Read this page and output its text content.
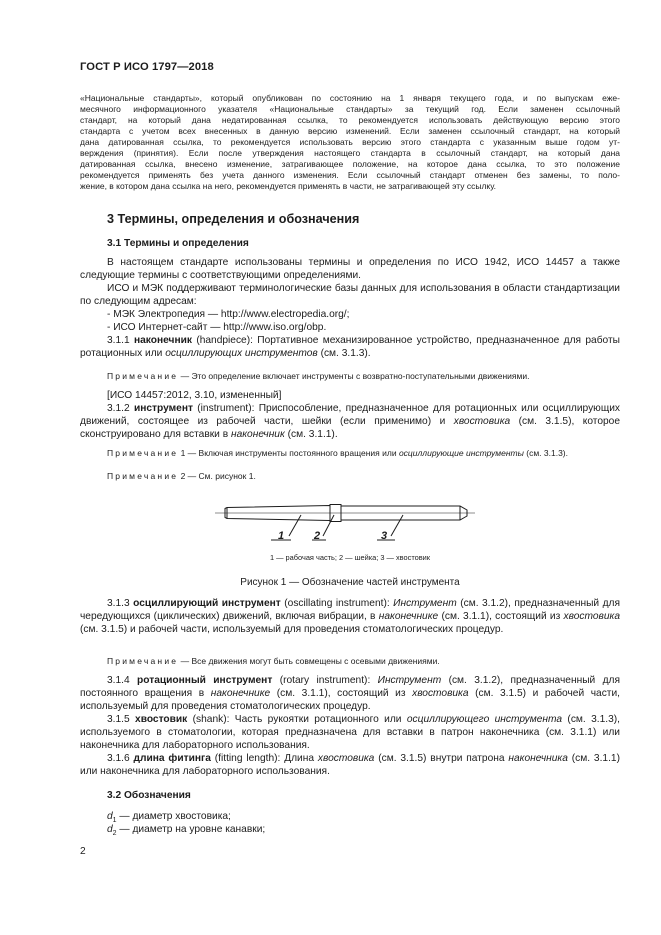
ГОСТ Р ИСО 1797—2018

«Национальные стандарты», который опубликован по состоянию на 1 января текущего года, и по выпускам еже-

месячного информационного указателя «Национальные стандарты» за текущий год. Если заменен ссылочный

стандарт, на который дана недатированная ссылка, то рекомендуется использовать действующую версию этого

стандарта с учетом всех внесенных в данную версию изменений. Если заменен ссылочный стандарт, на который

дана датированная ссылка, то рекомендуется использовать версию этого стандарта с указанным выше годом ут-

верждения (принятия). Если после утверждения настоящего стандарта в ссылочный стандарт, на который дана

датированная ссылка, внесено изменение, затрагивающее положение, на которое дана ссылка, то это положение

рекомендуется применять без учета данного изменения. Если ссылочный стандарт отменен без замены, то поло-

жение, в котором дана ссылка на него, рекомендуется применять в части, не затрагивающей эту ссылку.

3 Термины, определения и обозначения
3.1 Термины и определения

В настоящем стандарте использованы термины и определения по ИСО 1942, ИСО 14457 а также следующие термины с соответствующими определениями.

ИСО и МЭК поддерживают терминологические базы данных для использования в области стандартизации по следующим адресам:

- МЭК Электропедия — http://www.electropedia.org/;

- ИСО Интернет-сайт — http://www.iso.org/obp.

3.1.1 наконечник (handpiece): Портативное механизированное устройство, предназначенное для работы ротационных или осциллирующих инструментов (см. 3.1.3).

Примечание — Это определение включает инструменты с возвратно-поступательными движениями.

[ИСО 14457:2012, 3.10, измененный]

3.1.2 инструмент (instrument): Приспособление, предназначенное для ротационных или осциллирующих движений, состоящее из рабочей части, шейки (если применимо) и хвостовика (см. 3.1.5), которое сконструировано для вставки в наконечник (см. 3.1.1).

Примечание 1 — Включая инструменты постоянного вращения или осциллирующие инструменты (см. 3.1.3).

Примечание 2 — См. рисунок 1.

1	2	3
1 — рабочая часть; 2 — шейка; 3 — хвостовик
Рисунок 1 — Обозначение частей инструмента

3.1.3 осциллирующий инструмент (oscillating instrument): Инструмент (см. 3.1.2), предназначенный для чередующихся (циклических) движений, включая вибрации, в наконечнике (см. 3.1.1), состоящий из хвостовика (см. 3.1.5) и рабочей части, используемый для проведения стоматологических процедур.

Примечание — Все движения могут быть совмещены с осевыми движениями.

3.1.4 ротационный инструмент (rotary instrument): Инструмент (см. 3.1.2), предназначенный для постоянного вращения в наконечнике (см. 3.1.1), состоящий из хвостовика (см. 3.1.5) и рабочей части, используемый для проведения стоматологических процедур.

3.1.5 хвостовик (shank): Часть рукоятки ротационного или осциллирующего инструмента (см. 3.1.3), используемого в стоматологии, которая предназначена для вставки в патрон наконечника (см. 3.1.1) или наконечника для лабораторного использования.

3.1.6 длина фитинга (fitting length): Длина хвостовика (см. 3.1.5) внутри патрона наконечника (см. 3.1.1) или наконечника для лабораторного использования.

3.2 Обозначения
$d_1$ — диаметр хвостовика;
$d_2$ — диаметр на уровне канавки;
2
